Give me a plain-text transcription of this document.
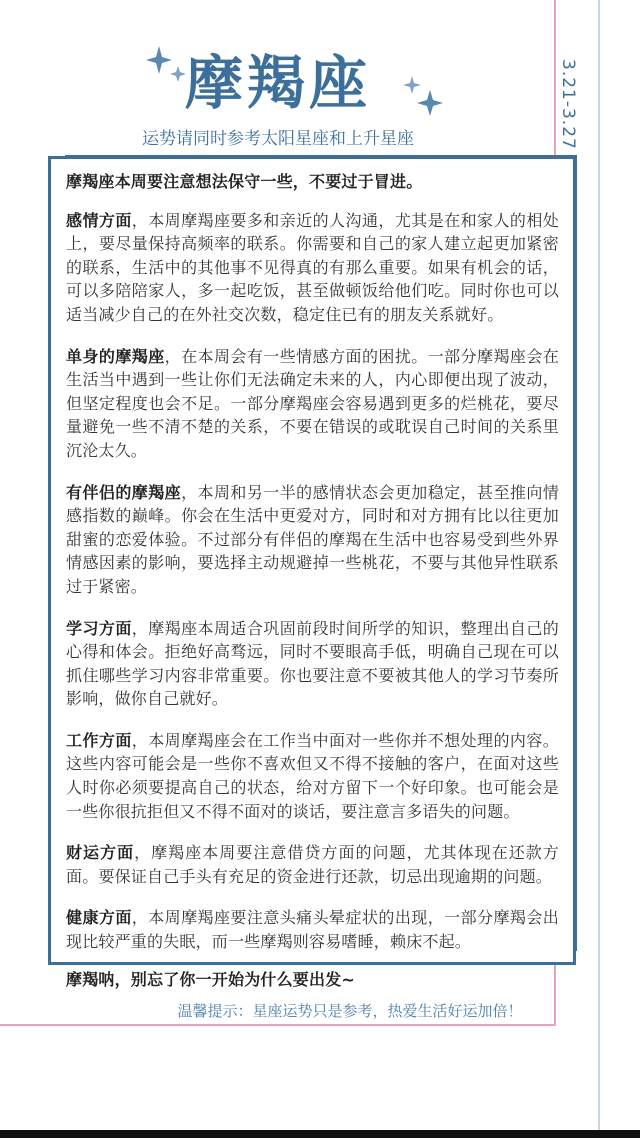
摩羯座
运势请同时参考太阳星座和上升星座	3.21-3.27

摩羯座本周要注意想法保守一些，不要过于冒进。

感情方面，本周摩羯座要多和亲近的人沟通，尤其是在和家人的相处上，要尽量保持高频率的联系。你需要和自己的家人建立起更加紧密的联系，生活中的其他事不见得真的有那么重要。如果有机会的话，可以多陪陪家人，多一起吃饭，甚至做顿饭给他们吃。同时你也可以适当减少自己的在外社交次数，稳定住已有的朋友关系就好。

单身的摩羯座，在本周会有一些情感方面的困扰。一部分摩羯座会在生活当中遇到一些让你们无法确定未来的人，内心即便出现了波动，但坚定程度也会不足。一部分摩羯座会容易遇到更多的烂桃花，要尽量避免一些不清不楚的关系，不要在错误的或耽误自己时间的关系里沉沦太久。

有伴侣的摩羯座，本周和另一半的感情状态会更加稳定，甚至推向情感指数的巅峰。你会在生活中更爱对方，同时和对方拥有比以往更加甜蜜的恋爱体验。不过部分有伴侣的摩羯在生活中也容易受到些外界情感因素的影响，要选择主动规避掉一些桃花，不要与其他异性联系过于紧密。

学习方面，摩羯座本周适合巩固前段时间所学的知识，整理出自己的心得和体会。拒绝好高骛远，同时不要眼高手低，明确自己现在可以抓住哪些学习内容非常重要。你也要注意不要被其他人的学习节奏所影响，做你自己就好。

工作方面，本周摩羯座会在工作当中面对一些你并不想处理的内容。这些内容可能会是一些你不喜欢但又不得不接触的客户，在面对这些人时你必须要提高自己的状态，给对方留下一个好印象。也可能会是一些你很抗拒但又不得不面对的谈话，要注意言多语失的问题。

财运方面，摩羯座本周要注意借贷方面的问题，尤其体现在还款方面。要保证自己手头有充足的资金进行还款，切忌出现逾期的问题。

健康方面，本周摩羯座要注意头痛头晕症状的出现，一部分摩羯会出现比较严重的失眠，而一些摩羯则容易嗜睡，赖床不起。

摩羯呐，别忘了你一开始为什么要出发~

温馨提示：星座运势只是参考，热爱生活好运加倍！
